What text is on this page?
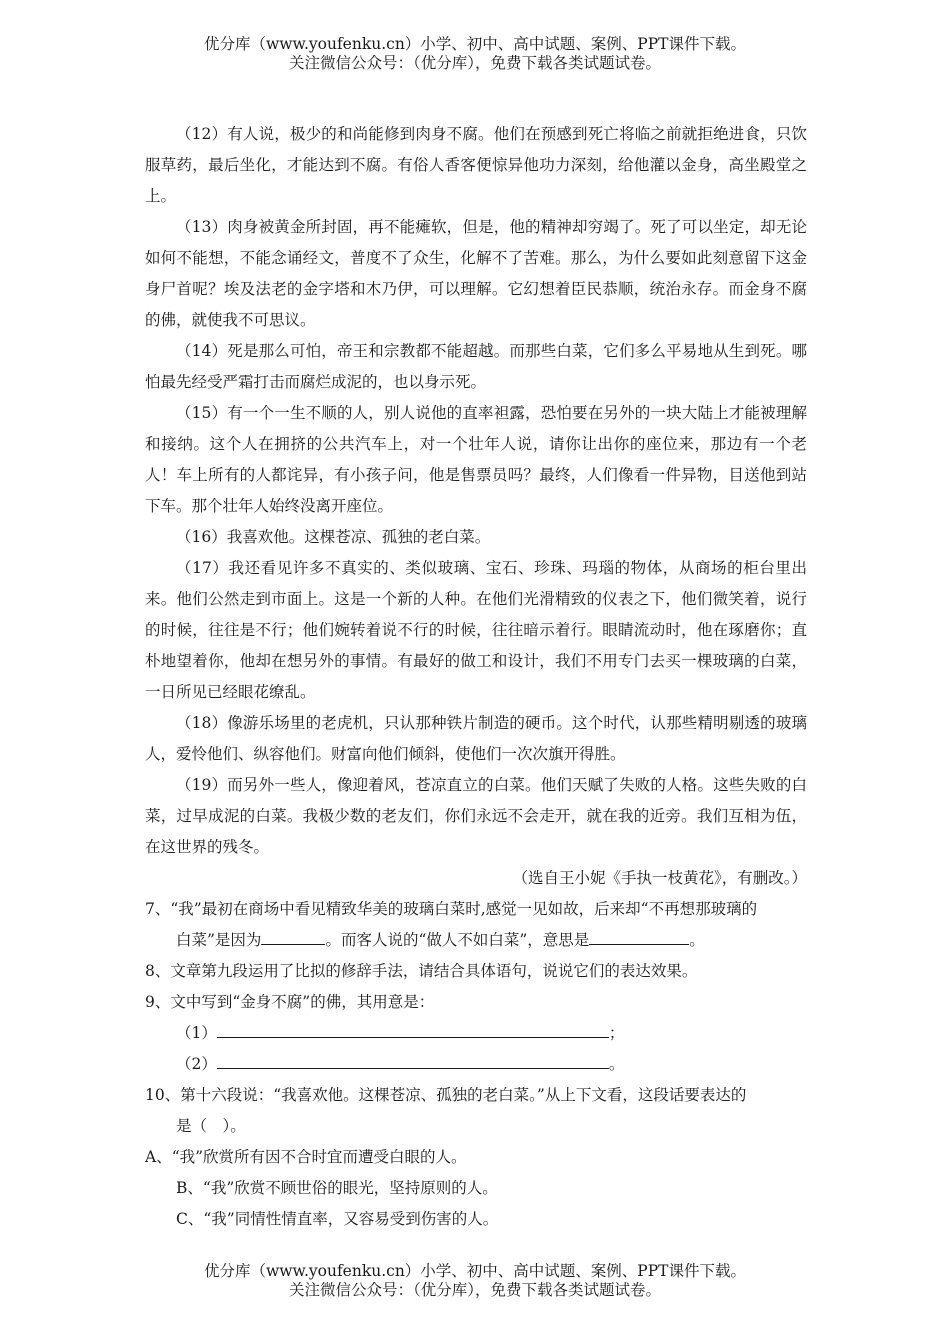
优分库（www.youfenku.cn）小学、初中、高中试题、案例、PPT课件下载。
关注微信公众号：（优分库），免费下载各类试题试卷。

（12）有人说，极少的和尚能修到肉身不腐。他们在预感到死亡将临之前就拒绝进食，只饮服草药，最后坐化，才能达到不腐。有俗人香客便惊异他功力深刻，给他灌以金身，高坐殿堂之上。

（13）肉身被黄金所封固，再不能瘫软，但是，他的精神却穷竭了。死了可以坐定，却无论如何不能想，不能念诵经文，普度不了众生，化解不了苦难。那么，为什么要如此刻意留下这金身尸首呢？埃及法老的金字塔和木乃伊，可以理解。它幻想着臣民恭顺，统治永存。而金身不腐的佛，就使我不可思议。

（14）死是那么可怕，帝王和宗教都不能超越。而那些白菜，它们多么平易地从生到死。哪怕最先经受严霜打击而腐烂成泥的，也以身示死。

（15）有一个一生不顺的人，别人说他的直率袒露，恐怕要在另外的一块大陆上才能被理解和接纳。这个人在拥挤的公共汽车上，对一个壮年人说，请你让出你的座位来，那边有一个老人！车上所有的人都诧异，有小孩子问，他是售票员吗？最终，人们像看一件异物，目送他到站下车。那个壮年人始终没离开座位。

（16）我喜欢他。这棵苍凉、孤独的老白菜。

（17）我还看见许多不真实的、类似玻璃、宝石、珍珠、玛瑙的物体，从商场的柜台里出来。他们公然走到市面上。这是一个新的人种。在他们光滑精致的仪表之下，他们微笑着，说行的时候，往往是不行；他们婉转着说不行的时候，往往暗示着行。眼睛流动时，他在琢磨你；直朴地望着你，他却在想另外的事情。有最好的做工和设计，我们不用专门去买一棵玻璃的白菜，一日所见已经眼花缭乱。

（18）像游乐场里的老虎机，只认那种铁片制造的硬币。这个时代，认那些精明剔透的玻璃人，爱怜他们、纵容他们。财富向他们倾斜，使他们一次次旗开得胜。

（19）而另外一些人，像迎着风，苍凉直立的白菜。他们天赋了失败的人格。这些失败的白菜，过早成泥的白菜。我极少数的老友们，你们永远不会走开，就在我的近旁。我们互相为伍，在这世界的残冬。

（选自王小妮《手执一枝黄花》，有删改。）

7、“我”最初在商场中看见精致华美的玻璃白菜时,感觉一见如故，后来却“不再想那玻璃的

白菜”是因为	。而客人说的“做人不如白菜”，意思是	。

8、文章第九段运用了比拟的修辞手法，请结合具体语句，说说它们的表达效果。

9、文中写到“金身不腐”的佛，其用意是：

（1）	；

（2）	。

10、第十六段说：“我喜欢他。这棵苍凉、孤独的老白菜。”从上下文看，这段话要表达的

是（　）。

A、“我”欣赏所有因不合时宜而遭受白眼的人。

B、“我”欣赏不顾世俗的眼光，坚持原则的人。

C、“我”同情性情直率，又容易受到伤害的人。

优分库（www.youfenku.cn）小学、初中、高中试题、案例、PPT课件下载。
关注微信公众号：（优分库），免费下载各类试题试卷。
